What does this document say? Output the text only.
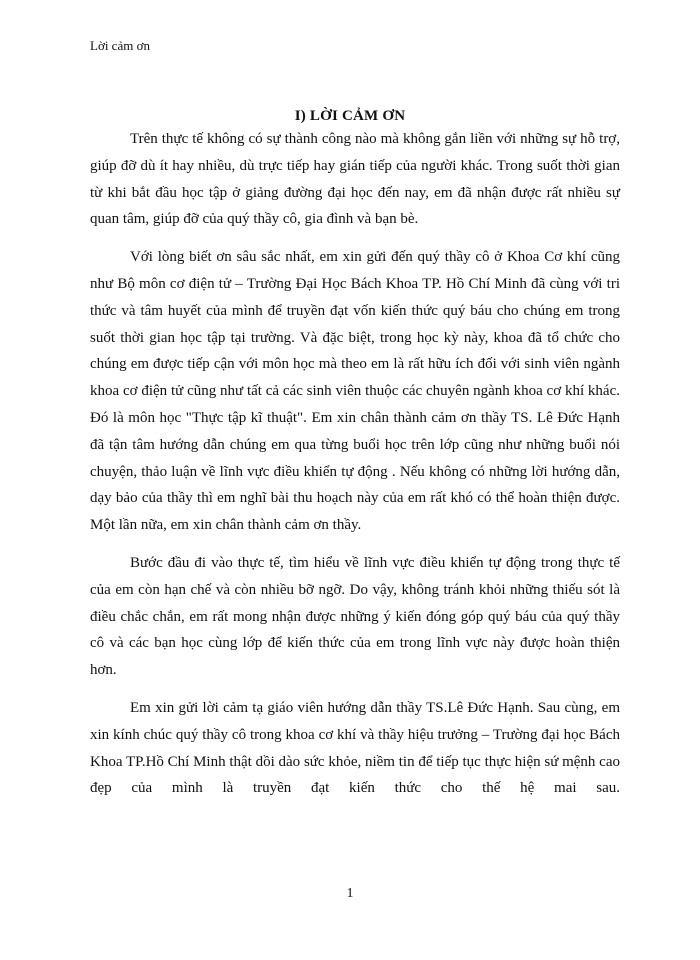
Lời cảm ơn
I) LỜI CẢM ƠN

Trên thực tế không có sự thành công nào mà không gắn liền với những sự hỗ trợ, giúp đỡ dù ít hay nhiều, dù trực tiếp hay gián tiếp của người khác. Trong suốt thời gian từ khi bắt đầu học tập ở giảng đường đại học đến nay, em đã nhận được rất nhiều sự quan tâm, giúp đỡ của quý thầy cô, gia đình và bạn bè.

Với lòng biết ơn sâu sắc nhất, em xin gửi đến quý thầy cô ở Khoa Cơ khí cũng như Bộ môn cơ điện tử – Trường Đại Học Bách Khoa TP. Hồ Chí Minh đã cùng với tri thức và tâm huyết của mình để truyền đạt vốn kiến thức quý báu cho chúng em trong suốt thời gian học tập tại trường. Và đặc biệt, trong học kỳ này, khoa đã tổ chức cho chúng em được tiếp cận với môn học mà theo em là rất hữu ích đối với sinh viên ngành khoa cơ điện tử cũng như tất cả các sinh viên thuộc các chuyên ngành khoa cơ khí khác. Đó là môn học "Thực tập kĩ thuật". Em xin chân thành cảm ơn thầy TS. Lê Đức Hạnh đã tận tâm hướng dẫn chúng em qua từng buổi học trên lớp cũng như những buổi nói chuyện, thảo luận về lĩnh vực điều khiển tự động . Nếu không có những lời hướng dẫn, dạy bảo của thầy thì em nghĩ bài thu hoạch này của em rất khó có thể hoàn thiện được. Một lần nữa, em xin chân thành cảm ơn thầy.

Bước đầu đi vào thực tế, tìm hiểu về lĩnh vực điều khiển tự động trong thực tế của em còn hạn chế và còn nhiều bỡ ngỡ. Do vậy, không tránh khỏi những thiếu sót là điều chắc chắn, em rất mong nhận được những ý kiến đóng góp quý báu của quý thầy cô và các bạn học cùng lớp để kiến thức của em trong lĩnh vực này được hoàn thiện hơn.

Em xin gửi lời cảm tạ giáo viên hướng dẫn thầy TS.Lê Đức Hạnh. Sau cùng, em xin kính chúc quý thầy cô trong khoa cơ khí và thầy hiệu trưởng – Trường đại học Bách Khoa TP.Hồ Chí Minh thật dồi dào sức khỏe, niềm tin để tiếp tục thực hiện sứ mệnh cao đẹp của mình là truyền đạt kiến thức cho thế hệ mai sau.

1
